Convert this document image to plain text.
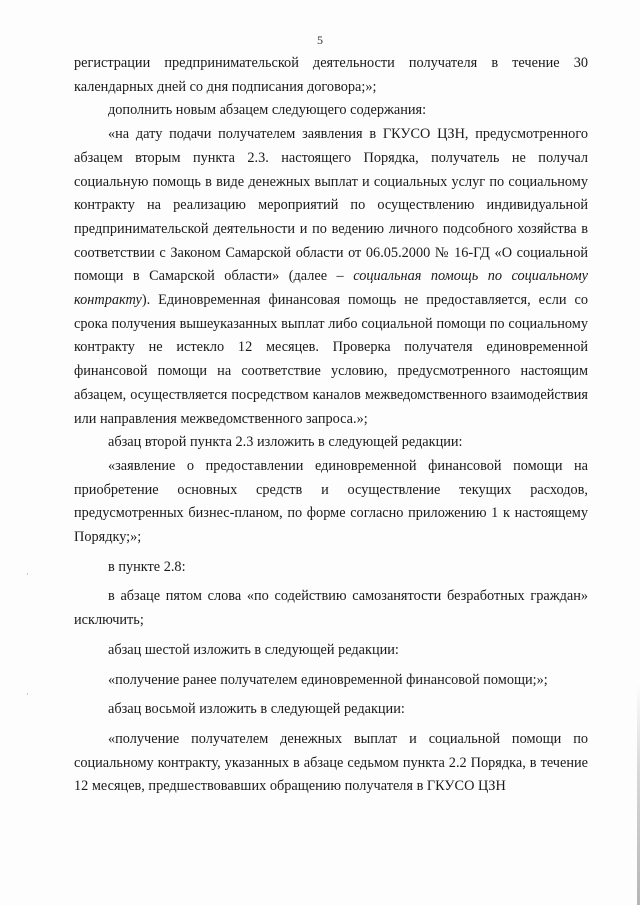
5

регистрации предпринимательской деятельности получателя в течение 30 календарных дней со дня подписания договора;»;

дополнить новым абзацем следующего содержания:

«на дату подачи получателем заявления в ГКУСО ЦЗН, предусмотренного абзацем вторым пункта 2.3. настоящего Порядка, получатель не получал социальную помощь в виде денежных выплат и социальных услуг по социальному контракту на реализацию мероприятий по осуществлению индивидуальной предпринимательской деятельности и по ведению личного подсобного хозяйства в соответствии с Законом Самарской области от 06.05.2000 № 16-ГД «О социальной помощи в Самарской области» (далее – социальная помощь по социальному контракту). Единовременная финансовая помощь не предоставляется, если со срока получения вышеуказанных выплат либо социальной помощи по социальному контракту не истекло 12 месяцев. Проверка получателя единовременной финансовой помощи на соответствие условию, предусмотренного настоящим абзацем, осуществляется посредством каналов межведомственного взаимодействия или направления межведомственного запроса.»;

абзац второй пункта 2.3 изложить в следующей редакции:

«заявление о предоставлении единовременной финансовой помощи на приобретение основных средств и осуществление текущих расходов, предусмотренных бизнес-планом, по форме согласно приложению 1 к настоящему Порядку;»;

в пункте 2.8:

в абзаце пятом слова «по содействию самозанятости безработных граждан» исключить;

абзац шестой изложить в следующей редакции:

«получение ранее получателем единовременной финансовой помощи;»;

абзац восьмой изложить в следующей редакции:

«получение получателем денежных выплат и социальной помощи по социальному контракту, указанных в абзаце седьмом пункта 2.2 Порядка, в течение 12 месяцев, предшествовавших обращению получателя в ГКУСО ЦЗН

·
·
